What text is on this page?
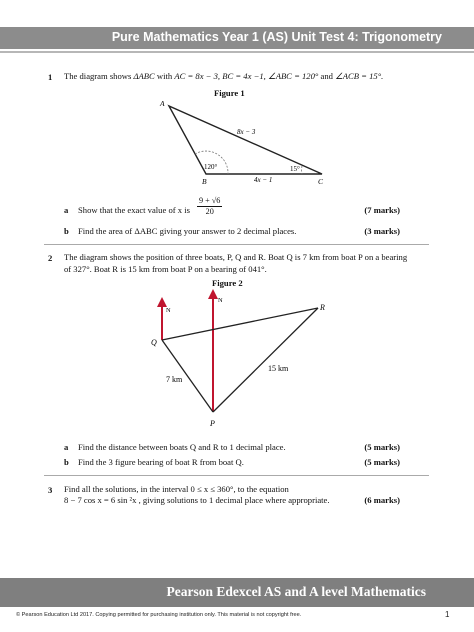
Pure Mathematics Year 1 (AS) Unit Test 4: Trigonometry
1 The diagram shows ΔABC with AC = 8x − 3, BC = 4x −1, ∠ABC = 120° and ∠ACB = 15°.
Figure 1
A
B	C
8x − 3
4x − 1
120°	15°
a Show that the exact value of x is $\frac{9 + √6}{20}$	(7 marks)
b Find the area of ΔABC giving your answer to 2 decimal places.	(3 marks)
2 The diagram shows the position of three boats, P, Q and R. Boat Q is 7 km from boat P on a bearing
of 327°. Boat R is 15 km from boat P on a bearing of 041°.
Figure 2
N
N
Q
R
P
7 km
15 km
a Find the distance between boats Q and R to 1 decimal place.	(5 marks)
b Find the 3 figure bearing of boat R from boat Q.	(5 marks)
3 Find all the solutions, in the interval 0 ≤ x ≤ 360°, to the equation
8 − 7 cos x = 6 sin ²x , giving solutions to 1 decimal place where appropriate.	(6 marks)
Pearson Edexcel AS and A level Mathematics
© Pearson Education Ltd 2017. Copying permitted for purchasing institution only. This material is not copyright free.	1
